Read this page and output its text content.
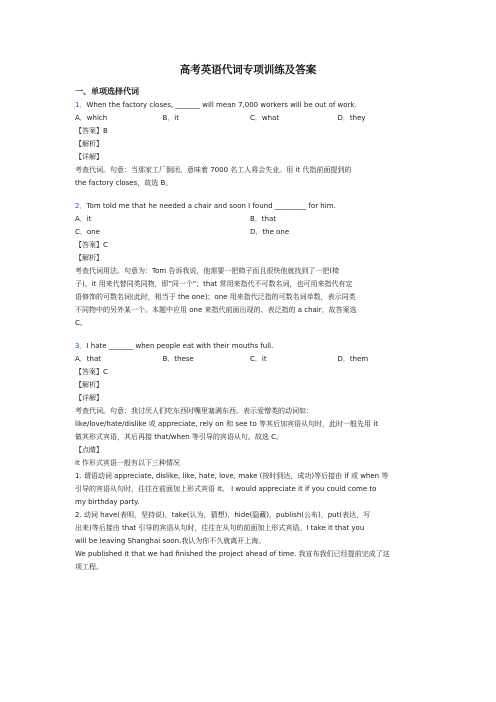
高考英语代词专项训练及答案
一、单项选择代词
1．When the factory closes, _______ will mean 7,000 workers will be out of work.
A．which	B．it	C．what	D．they
【答案】B
【解析】
【详解】
考查代词。句意：当那家工厂倒闭，意味着 7000 名工人将会失业。用 it 代指前面提到的
the factory closes，故选 B。
2．Tom told me that he needed a chair and soon I found _________ for him.
A．it	B．that
C．one	D．the one
【答案】C
【解析】
考查代词用法。句意为：Tom 告诉我说，他需要一把椅子而且很快他就找到了一把(椅
子)。it 用来代替同类同物，即"同一个"；that 常用来指代不可数名词，也可用来指代有定
语修饰的可数名词(此时，相当于 the one)；one 用来指代泛指的可数名词单数，表示同类
不同物中的另外某一个。本题中应用 one 来指代前面出现的、表泛指的 a chair，故答案选
C。
3．I hate _______ when people eat with their mouths full.
A．that	B．these	C．it	D．them
【答案】C
【解析】
【详解】
考查代词。句意：我讨厌人们吃东西时嘴里塞满东西。表示爱憎类的动词如：
like/love/hate/dislike 或 appreciate, rely on 和 see to 等其后加宾语从句时，此时一般先用 it
做其形式宾语，其后再接 that/when 等引导的宾语从句。故选 C。
【点睛】
it 作形式宾语一般有以下三种情况
1. 谓语动词 appreciate, dislike, like, hate, love, make (按时到达，成功)等后接由 if 或 when 等
引导的宾语从句时，往往在前面加上形式宾语 it。 I would appreciate it if you could come to
my birthday party.
2. 动词 have(表明，坚持说)，take(认为，猜想)，hide(隐藏)，publish(公布)，put(表达，写
出来)等后接由 that 引导的宾语从句时，往往在从句的前面加上形式宾语。I take it that you
will be leaving Shanghai soon.我认为你不久就离开上海。
We published it that we had finished the project ahead of time. 我宣布我们已经提前完成了这
项工程。
